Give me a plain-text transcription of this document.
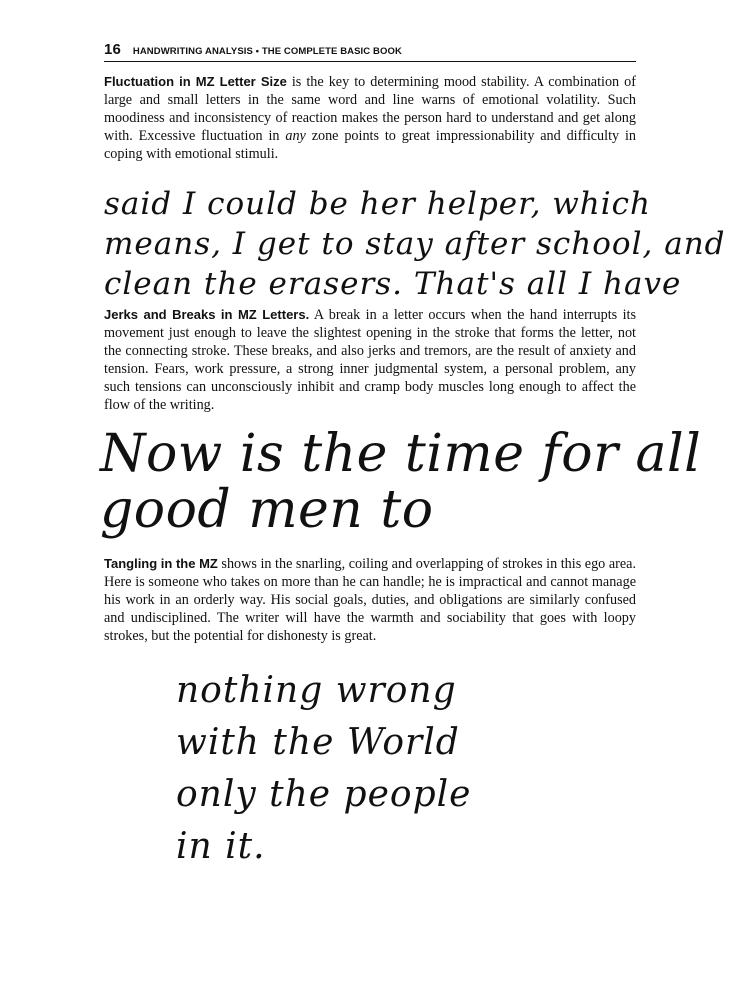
16 HANDWRITING ANALYSIS • THE COMPLETE BASIC BOOK

Fluctuation in MZ Letter Size is the key to determining mood stability. A combination of large and small letters in the same word and line warns of emotional volatility. Such moodiness and inconsistency of reaction makes the person hard to understand and get along with. Excessive fluctuation in any zone points to great impressionability and difficulty in coping with emotional stimuli.

said I could be her helper, which
means, I get to stay after school, and
clean the erasers. That's all I have

Jerks and Breaks in MZ Letters. A break in a letter occurs when the hand interrupts its movement just enough to leave the slightest opening in the stroke that forms the letter, not the connecting stroke. These breaks, and also jerks and tremors, are the result of anxiety and tension. Fears, work pressure, a strong inner judgmental system, a personal problem, any such tensions can unconsciously inhibit and cramp body muscles long enough to affect the flow of the writing.

Now is the time for all
good men to

Tangling in the MZ shows in the snarling, coiling and overlapping of strokes in this ego area. Here is someone who takes on more than he can handle; he is impractical and cannot manage his work in an orderly way. His social goals, duties, and obligations are similarly confused and undisciplined. The writer will have the warmth and sociability that goes with loopy strokes, but the potential for dishonesty is great.

nothing wrong
with the World
only the people
in it.
